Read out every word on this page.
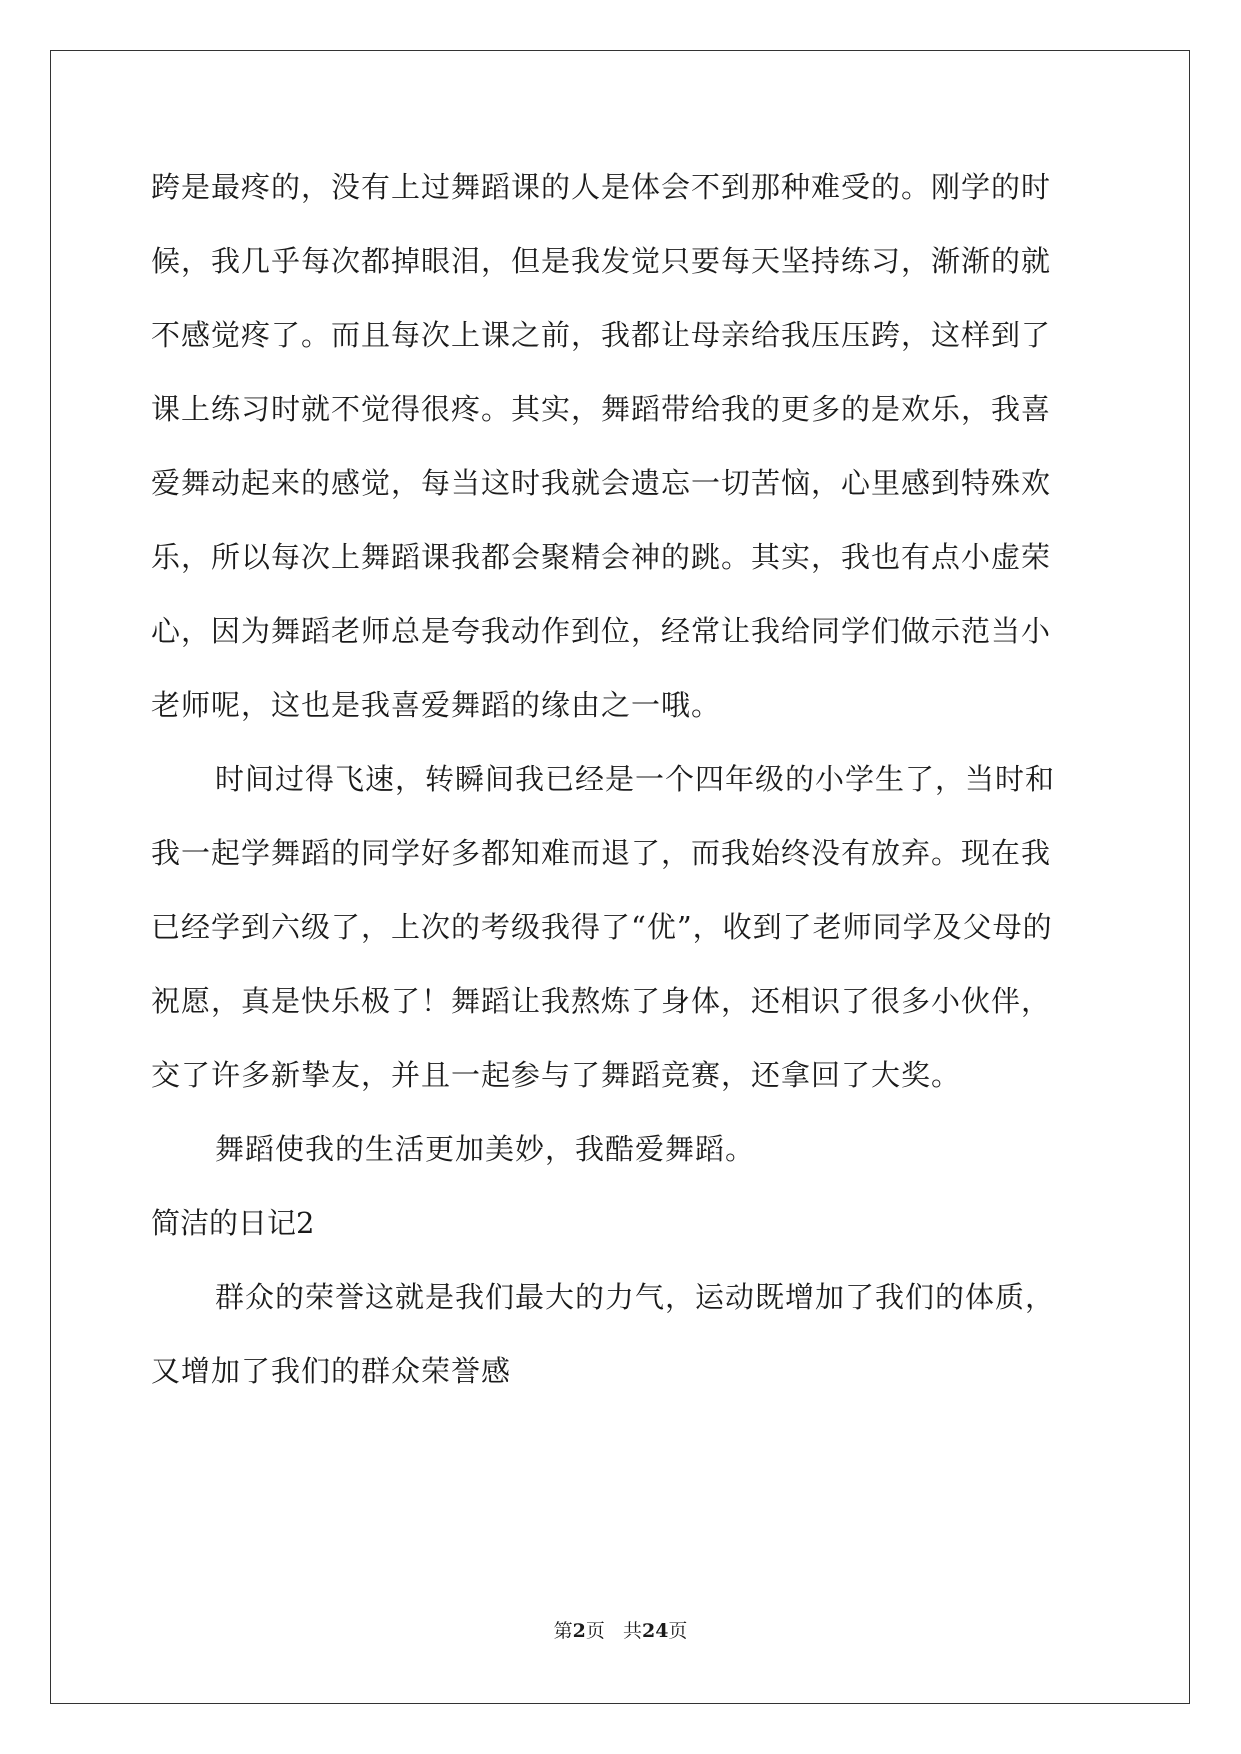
跨是最疼的，没有上过舞蹈课的人是体会不到那种难受的。刚学的时
候，我几乎每次都掉眼泪，但是我发觉只要每天坚持练习，渐渐的就
不感觉疼了。而且每次上课之前，我都让母亲给我压压跨，这样到了
课上练习时就不觉得很疼。其实，舞蹈带给我的更多的是欢乐，我喜
爱舞动起来的感觉，每当这时我就会遗忘一切苦恼，心里感到特殊欢
乐，所以每次上舞蹈课我都会聚精会神的跳。其实，我也有点小虚荣
心，因为舞蹈老师总是夸我动作到位，经常让我给同学们做示范当小
老师呢，这也是我喜爱舞蹈的缘由之一哦。
时间过得飞速，转瞬间我已经是一个四年级的小学生了，当时和
我一起学舞蹈的同学好多都知难而退了，而我始终没有放弃。现在我
已经学到六级了，上次的考级我得了“优”，收到了老师同学及父母的
祝愿，真是快乐极了！舞蹈让我熬炼了身体，还相识了很多小伙伴，
交了许多新挚友，并且一起参与了舞蹈竞赛，还拿回了大奖。
舞蹈使我的生活更加美妙，我酷爱舞蹈。
简洁的日记2
群众的荣誉这就是我们最大的力气，运动既增加了我们的体质，
又增加了我们的群众荣誉感
第2页 共24页
